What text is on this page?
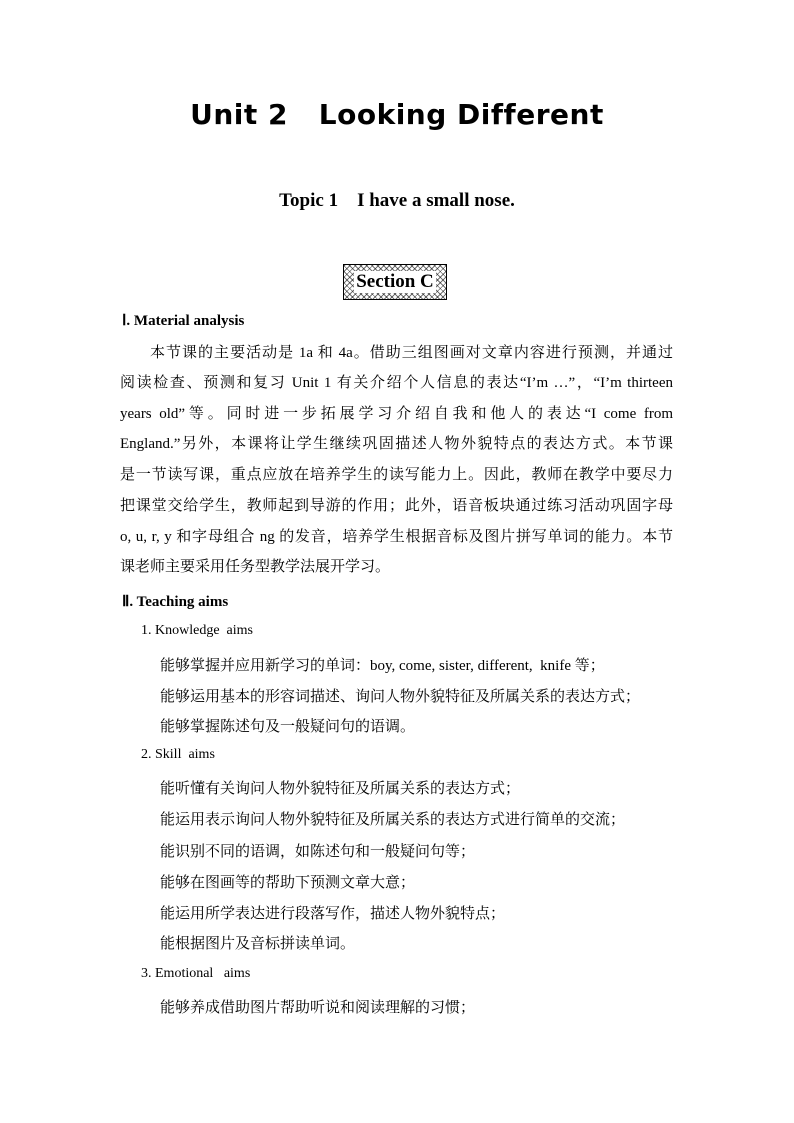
Unit 2   Looking Different
Topic 1    I have a small nose.
Section C
Ⅰ. Material analysis
本节课的主要活动是 1a 和 4a。借助三组图画对文章内容进行预测，并通过
阅读检查、预测和复习 Unit 1 有关介绍个人信息的表达“I’m …”，“I’m thirteen
years old”等。同时进一步拓展学习介绍自我和他人的表达“I come from
England.”另外，本课将让学生继续巩固描述人物外貌特点的表达方式。本节课
是一节读写课，重点应放在培养学生的读写能力上。因此，教师在教学中要尽力
把课堂交给学生，教师起到导游的作用；此外，语音板块通过练习活动巩固字母
o, u, r, y 和字母组合 ng 的发音，培养学生根据音标及图片拼写单词的能力。本节
课老师主要采用任务型教学法展开学习。
Ⅱ. Teaching aims
1. Knowledge  aims
能够掌握并应用新学习的单词：boy, come, sister, different,  knife 等；
能够运用基本的形容词描述、询问人物外貌特征及所属关系的表达方式；
能够掌握陈述句及一般疑问句的语调。
2. Skill  aims
能听懂有关询问人物外貌特征及所属关系的表达方式；
能运用表示询问人物外貌特征及所属关系的表达方式进行简单的交流；
能识别不同的语调，如陈述句和一般疑问句等；
能够在图画等的帮助下预测文章大意；
能运用所学表达进行段落写作，描述人物外貌特点；
能根据图片及音标拼读单词。
3. Emotional   aims
能够养成借助图片帮助听说和阅读理解的习惯；
